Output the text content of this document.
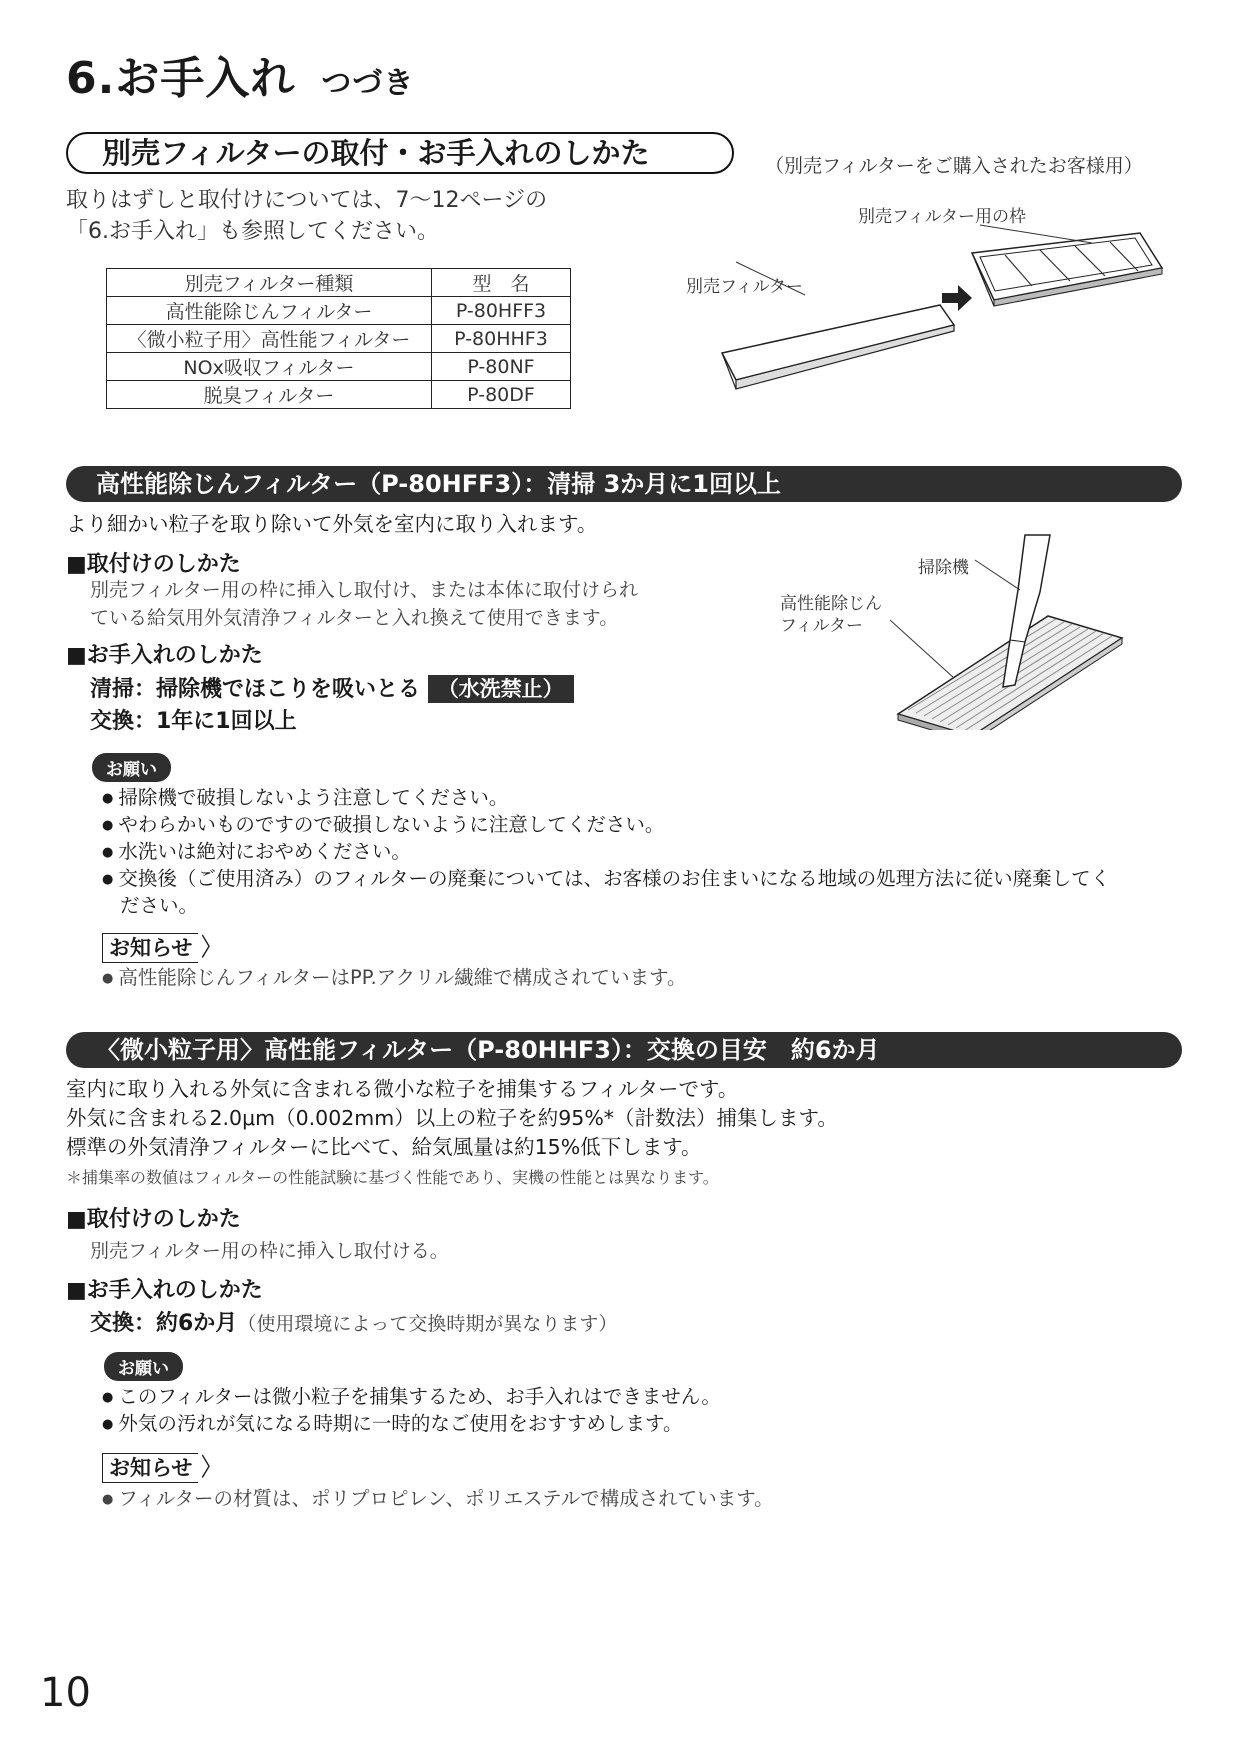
6.お手入れ つづき
別売フィルターの取付・お手入れのしかた	（別売フィルターをご購入されたお客様用）
取りはずしと取付けについては、7〜12ページの
「6.お手入れ」も参照してください。
別売フィルター種類	型　名
高性能除じんフィルター	P-80HFF3
〈微小粒子用〉高性能フィルター	P-80HHF3
NOx吸収フィルター	P-80NF
脱臭フィルター	P-80DF
別売フィルター
別売フィルター用の枠
高性能除じんフィルター（P-80HFF3）：清掃 3か月に1回以上
より細かい粒子を取り除いて外気を室内に取り入れます。
■取付けのしかた
別売フィルター用の枠に挿入し取付け、または本体に取付けられ
ている給気用外気清浄フィルターと入れ換えて使用できます。
■お手入れのしかた
清掃：掃除機でほこりを吸いとる （水洗禁止）
交換：1年に1回以上
掃除機
高性能除じん
フィルター
お願い
● 掃除機で破損しないよう注意してください。
● やわらかいものですので破損しないように注意してください。
● 水洗いは絶対におやめください。
● 交換後（ご使用済み）のフィルターの廃棄については、お客様のお住まいになる地域の処理方法に従い廃棄してく
ださい。
お知らせ 〉
● 高性能除じんフィルターはPP.アクリル繊維で構成されています。
〈微小粒子用〉高性能フィルター（P-80HHF3）：交換の目安　約6か月
室内に取り入れる外気に含まれる微小な粒子を捕集するフィルターです。
外気に含まれる2.0μm（0.002mm）以上の粒子を約95%*（計数法）捕集します。
標準の外気清浄フィルターに比べて、給気風量は約15%低下します。
＊捕集率の数値はフィルターの性能試験に基づく性能であり、実機の性能とは異なります。
■取付けのしかた
別売フィルター用の枠に挿入し取付ける。
■お手入れのしかた
交換：約6か月（使用環境によって交換時期が異なります）
お願い
● このフィルターは微小粒子を捕集するため、お手入れはできません。
● 外気の汚れが気になる時期に一時的なご使用をおすすめします。
お知らせ 〉
● フィルターの材質は、ポリプロピレン、ポリエステルで構成されています。
10
